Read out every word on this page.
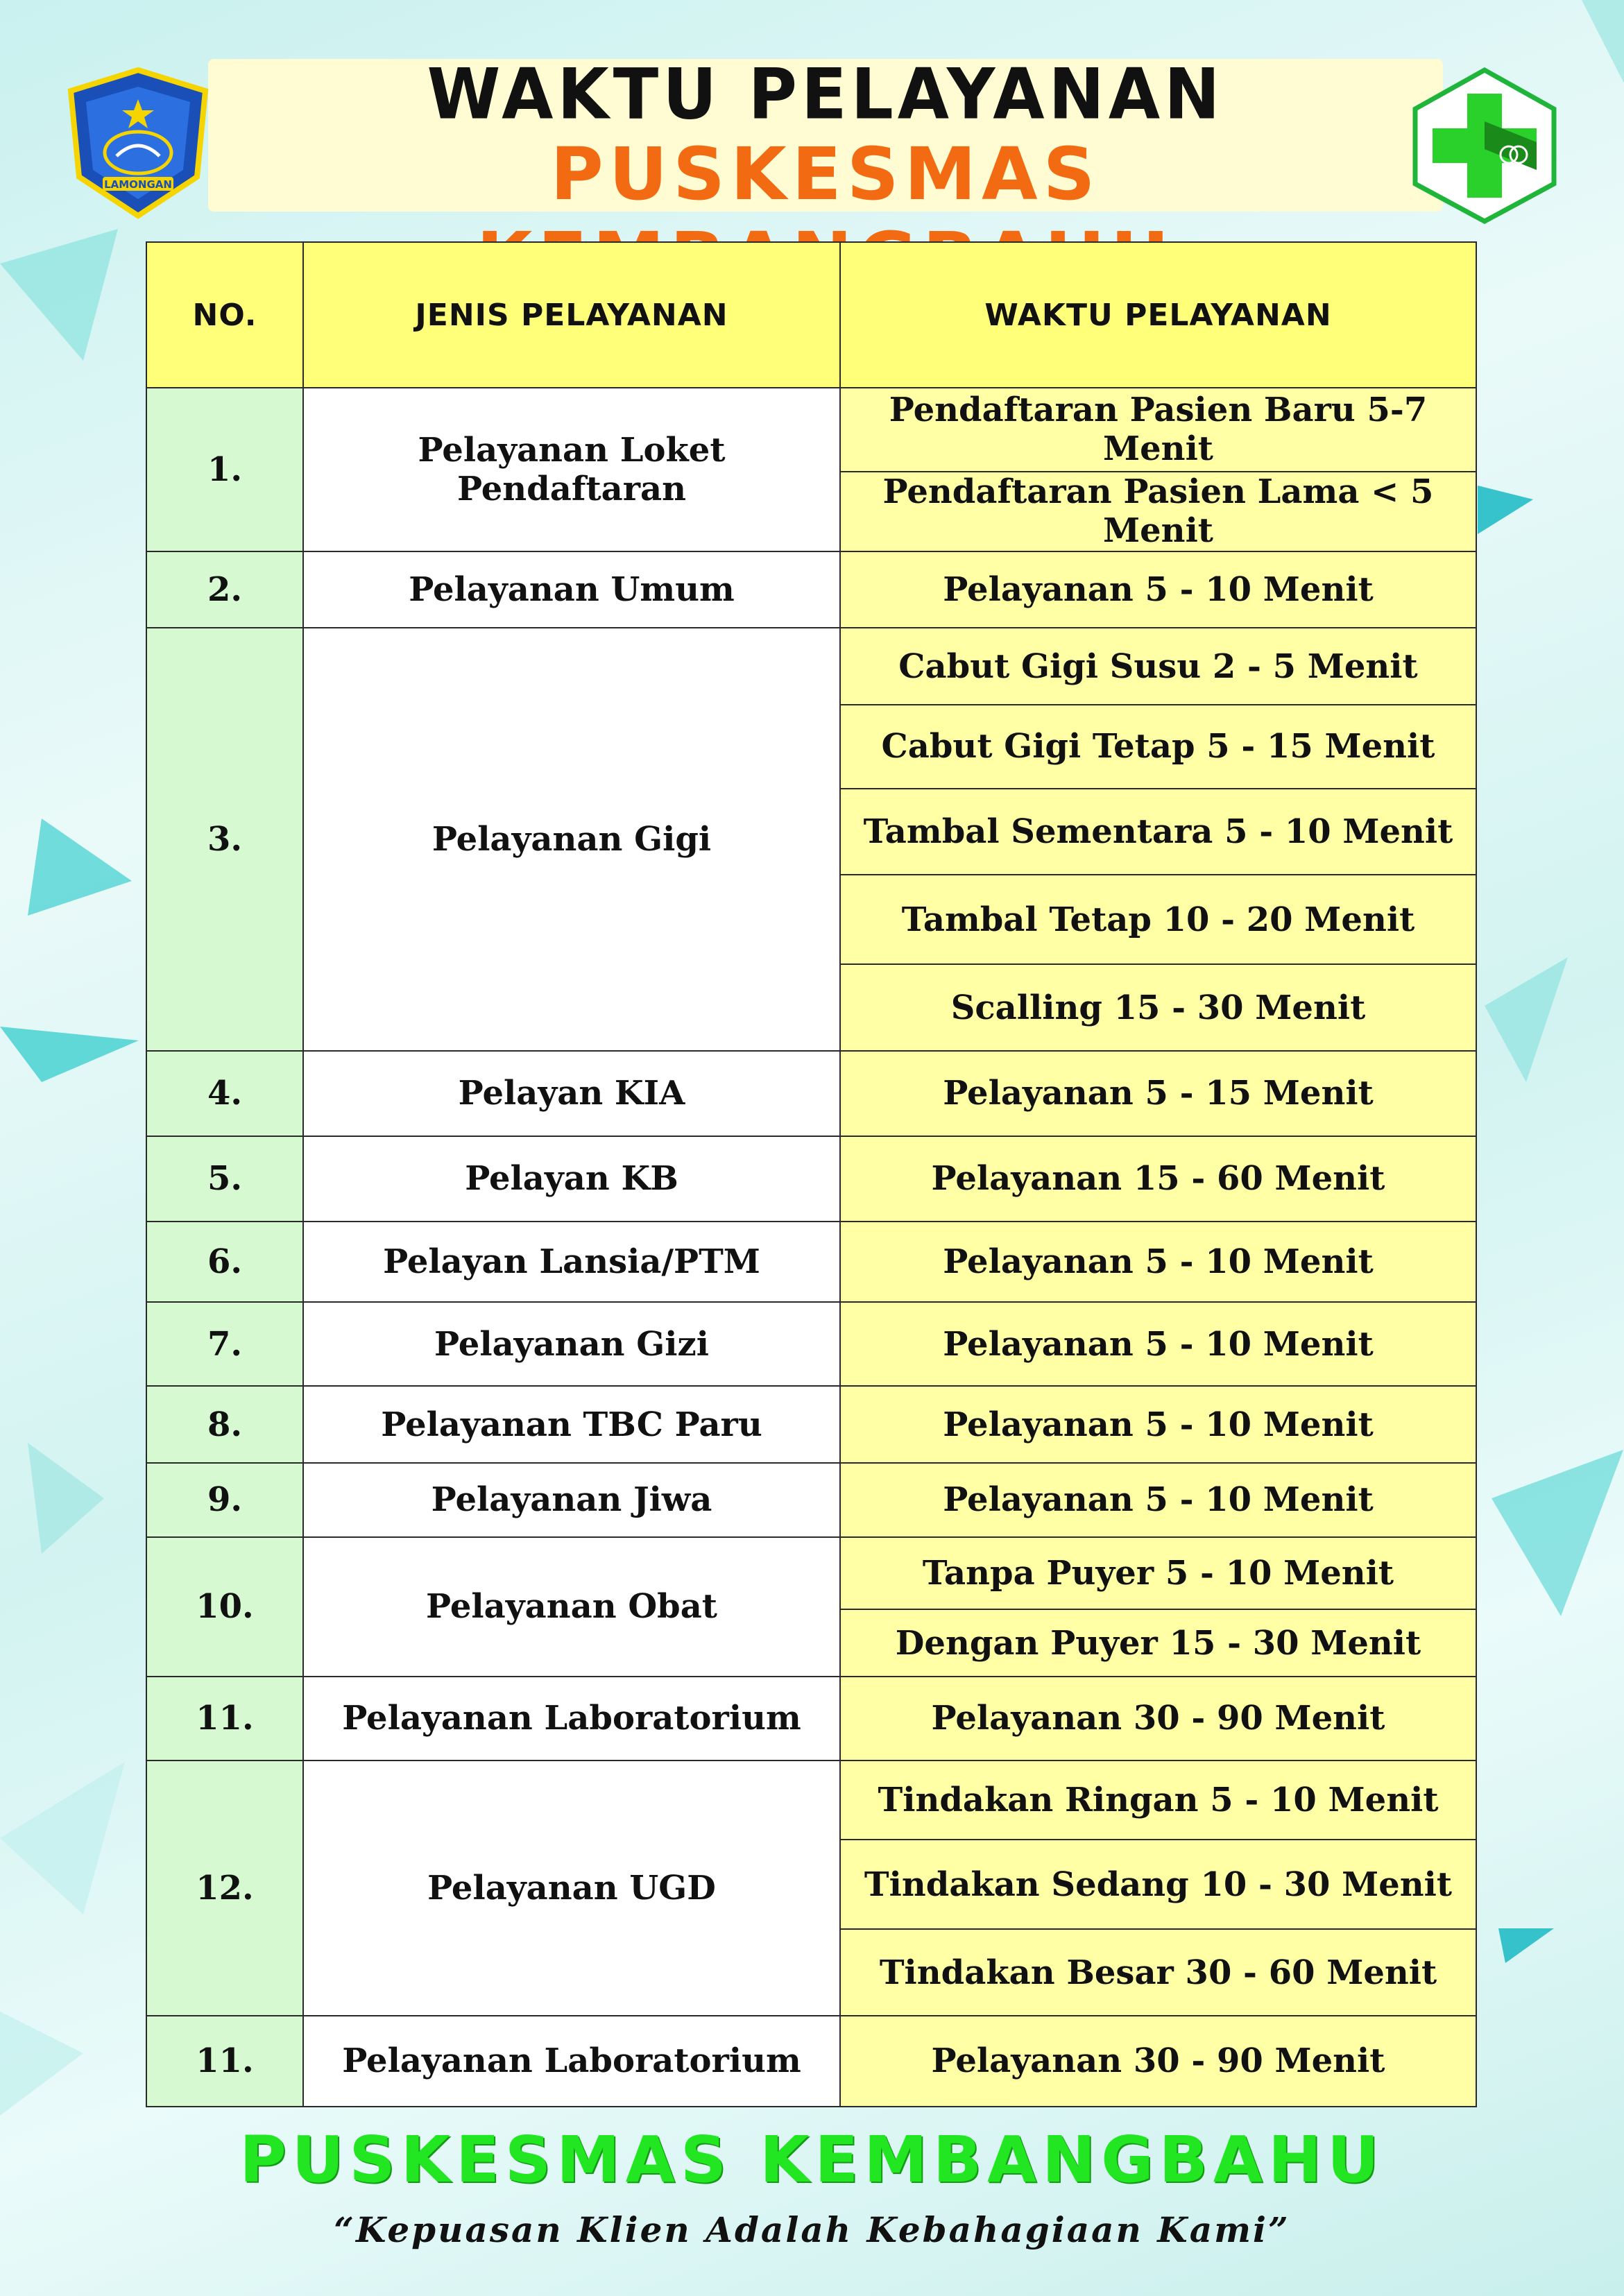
LAMONGAN
WAKTU PELAYANAN
PUSKESMAS
NO.	JENIS PELAYANAN	WAKTU PELAYANAN
1.	Pelayanan Loket Pendaftaran	Pendaftaran Pasien Baru 5-7 Menit
		Pendaftaran Pasien Lama < 5 Menit
2.	Pelayanan Umum	Pelayanan 5 - 10 Menit
3.	Pelayanan Gigi	Cabut Gigi Susu 2 - 5 Menit
		Cabut Gigi Tetap 5 - 15 Menit
		Tambal Sementara 5 - 10 Menit
		Tambal Tetap 10 - 20 Menit
		Scalling 15 - 30 Menit
4.	Pelayan KIA	Pelayanan 5 - 15 Menit
5.	Pelayan KB	Pelayanan 15 - 60 Menit
6.	Pelayan Lansia/PTM	Pelayanan 5 - 10 Menit
7.	Pelayanan Gizi	Pelayanan 5 - 10 Menit
8.	Pelayanan TBC Paru	Pelayanan 5 - 10 Menit
9.	Pelayanan Jiwa	Pelayanan 5 - 10 Menit
10.	Pelayanan Obat	Tanpa Puyer 5 - 10 Menit
		Dengan Puyer 15 - 30 Menit
11.	Pelayanan Laboratorium	Pelayanan 30 - 90 Menit
12.	Pelayanan UGD	Tindakan Ringan 5 - 10 Menit
		Tindakan Sedang 10 - 30 Menit
		Tindakan Besar 30 - 60 Menit
11.	Pelayanan Laboratorium	Pelayanan 30 - 90 Menit
PUSKESMAS KEMBANGBAHU
“Kepuasan Klien Adalah Kebahagiaan Kami”
